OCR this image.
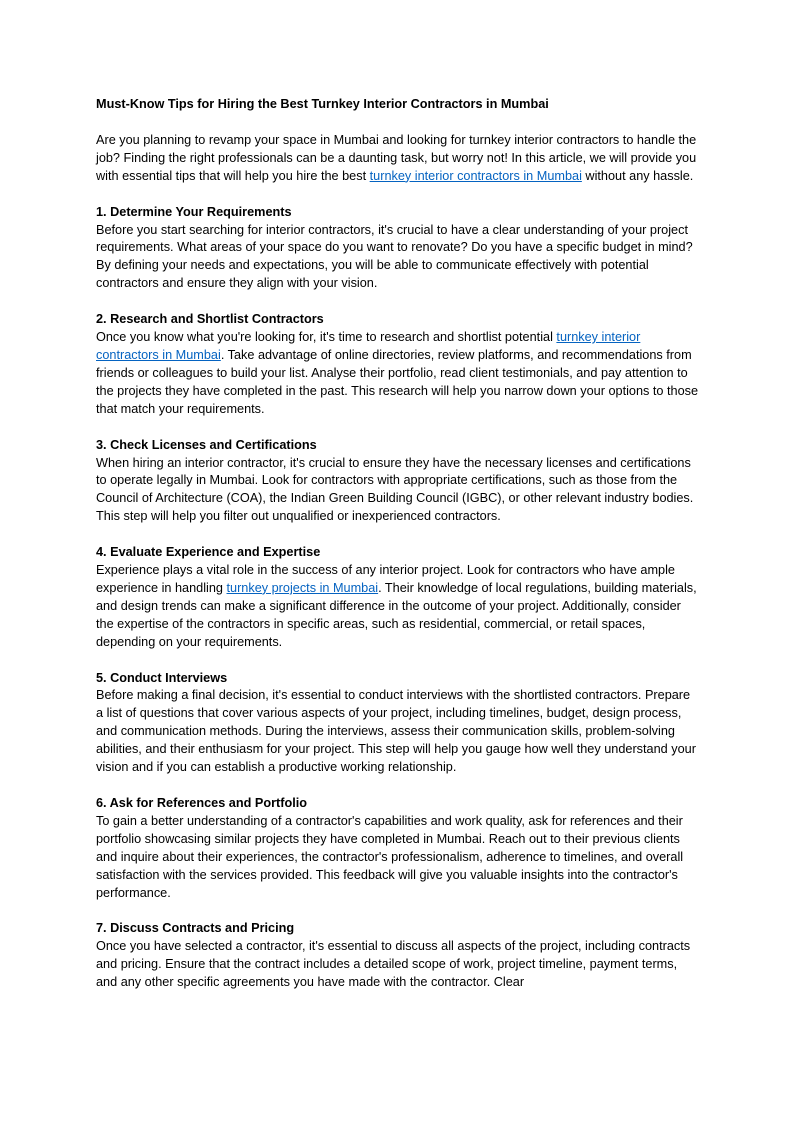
Must-Know Tips for Hiring the Best Turnkey Interior Contractors in Mumbai
Are you planning to revamp your space in Mumbai and looking for turnkey interior contractors to handle the job? Finding the right professionals can be a daunting task, but worry not! In this article, we will provide you with essential tips that will help you hire the best turnkey interior contractors in Mumbai without any hassle.
1. Determine Your Requirements
Before you start searching for interior contractors, it's crucial to have a clear understanding of your project requirements. What areas of your space do you want to renovate? Do you have a specific budget in mind? By defining your needs and expectations, you will be able to communicate effectively with potential contractors and ensure they align with your vision.
2. Research and Shortlist Contractors
Once you know what you're looking for, it's time to research and shortlist potential turnkey interior contractors in Mumbai. Take advantage of online directories, review platforms, and recommendations from friends or colleagues to build your list. Analyse their portfolio, read client testimonials, and pay attention to the projects they have completed in the past. This research will help you narrow down your options to those that match your requirements.
3. Check Licenses and Certifications
When hiring an interior contractor, it's crucial to ensure they have the necessary licenses and certifications to operate legally in Mumbai. Look for contractors with appropriate certifications, such as those from the Council of Architecture (COA), the Indian Green Building Council (IGBC), or other relevant industry bodies. This step will help you filter out unqualified or inexperienced contractors.
4. Evaluate Experience and Expertise
Experience plays a vital role in the success of any interior project. Look for contractors who have ample experience in handling turnkey projects in Mumbai. Their knowledge of local regulations, building materials, and design trends can make a significant difference in the outcome of your project. Additionally, consider the expertise of the contractors in specific areas, such as residential, commercial, or retail spaces, depending on your requirements.
5. Conduct Interviews
Before making a final decision, it's essential to conduct interviews with the shortlisted contractors. Prepare a list of questions that cover various aspects of your project, including timelines, budget, design process, and communication methods. During the interviews, assess their communication skills, problem-solving abilities, and their enthusiasm for your project. This step will help you gauge how well they understand your vision and if you can establish a productive working relationship.
6. Ask for References and Portfolio
To gain a better understanding of a contractor's capabilities and work quality, ask for references and their portfolio showcasing similar projects they have completed in Mumbai. Reach out to their previous clients and inquire about their experiences, the contractor's professionalism, adherence to timelines, and overall satisfaction with the services provided. This feedback will give you valuable insights into the contractor's performance.
7. Discuss Contracts and Pricing
Once you have selected a contractor, it's essential to discuss all aspects of the project, including contracts and pricing. Ensure that the contract includes a detailed scope of work, project timeline, payment terms, and any other specific agreements you have made with the contractor. Clear
